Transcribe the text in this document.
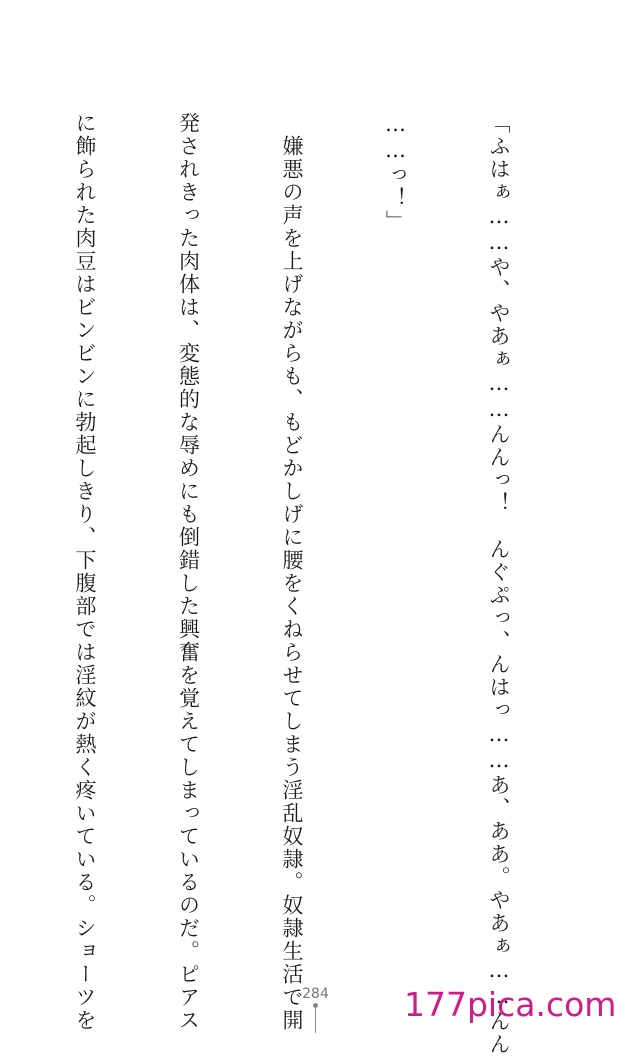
「ふはぁ……や、やあぁ……んんっ！　んぐぷっ、んはっ……あ、ああ。やあぁ……んん

……っ！」

　嫌悪の声を上げながらも、もどかしげに腰をくねらせてしまう淫乱奴隷。奴隷生活で開

発されきった肉体は、変態的な辱めにも倒錯した興奮を覚えてしまっているのだ。ピアス

に飾られた肉豆はビンビンに勃起しきり、下腹部では淫紋が熱く疼いている。ショーツを

	284	177pica.com
